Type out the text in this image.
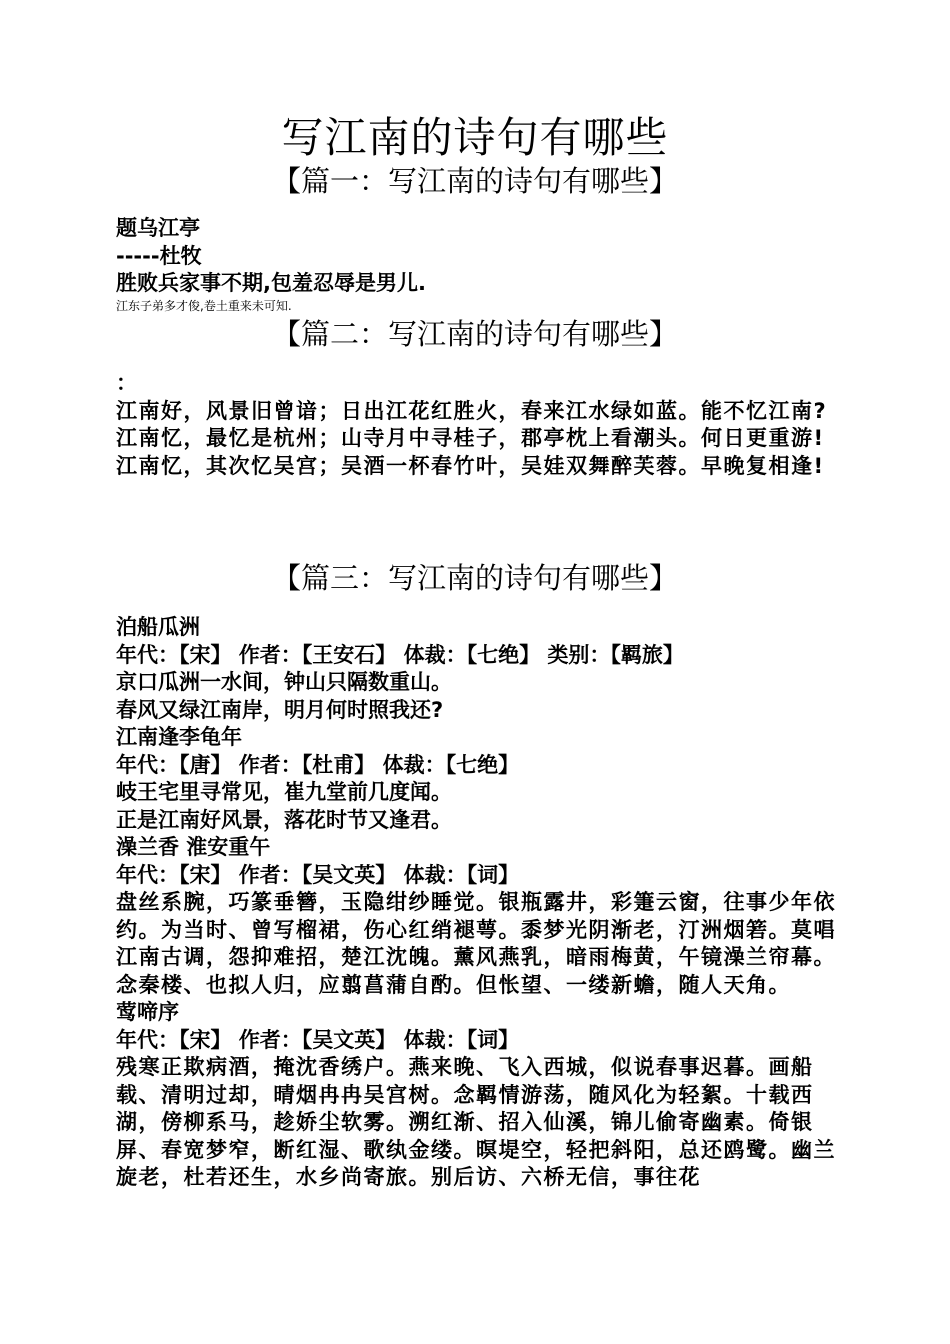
写江南的诗句有哪些
【篇一：写江南的诗句有哪些】

题乌江亭

-----杜牧

胜败兵家事不期,包羞忍辱是男儿.

江东子弟多才俊,卷土重来未可知.

【篇二：写江南的诗句有哪些】

：

江南好，风景旧曾谙；日出江花红胜火，春来江水绿如蓝。能不忆江南?

江南忆，最忆是杭州；山寺月中寻桂子，郡亭枕上看潮头。何日更重游!

江南忆，其次忆吴宫；吴酒一杯春竹叶，吴娃双舞醉芙蓉。早晚复相逢!

【篇三：写江南的诗句有哪些】

泊船瓜洲

年代：【宋】 作者：【王安石】 体裁：【七绝】 类别：【羁旅】

京口瓜洲一水间，钟山只隔数重山。

春风又绿江南岸，明月何时照我还?

江南逢李龟年

年代：【唐】 作者：【杜甫】 体裁：【七绝】

岐王宅里寻常见，崔九堂前几度闻。

正是江南好风景，落花时节又逢君。

澡兰香 淮安重午

年代：【宋】 作者：【吴文英】 体裁：【词】

盘丝系腕，巧篆垂簪，玉隐绀纱睡觉。银瓶露井，彩箑云窗，往事少年依约。为当时、曾写榴裙，伤心红绡褪萼。黍梦光阴渐老，汀洲烟箬。莫唱江南古调，怨抑难招，楚江沈魄。薰风燕乳，暗雨梅黄，午镜澡兰帘幕。念秦楼、也拟人归，应翦菖蒲自酌。但怅望、一缕新蟾，随人天角。

莺啼序

年代：【宋】 作者：【吴文英】 体裁：【词】

残寒正欺病酒，掩沈香绣户。燕来晚、飞入西城，似说春事迟暮。画船载、清明过却，晴烟冉冉吴宫树。念羁情游荡，随风化为轻絮。十载西湖，傍柳系马，趁娇尘软雾。溯红渐、招入仙溪，锦儿偷寄幽素。倚银屏、春宽梦窄，断红湿、歌纨金缕。暝堤空，轻把斜阳，总还鸥鹭。幽兰旋老，杜若还生，水乡尚寄旅。别后访、六桥无信，事往花
